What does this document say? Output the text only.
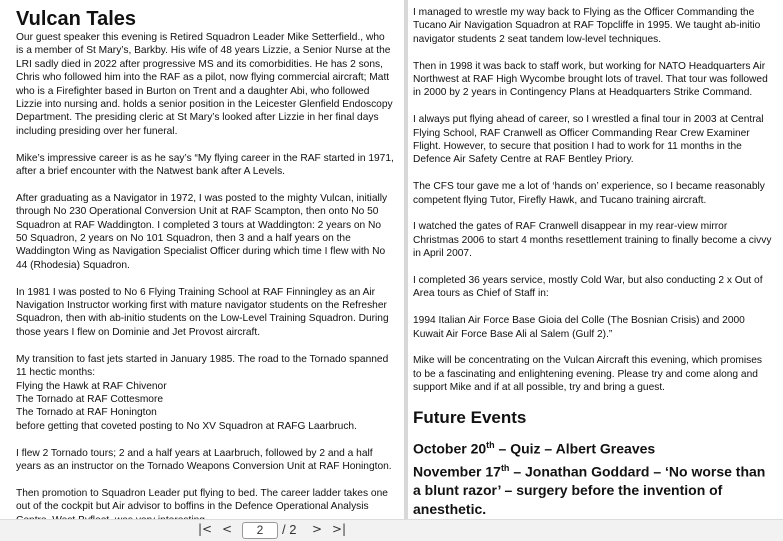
Vulcan Tales

Our guest speaker this evening is Retired Squadron Leader Mike Setterfield., who is a member of St Mary’s, Barkby. His wife of 48 years Lizzie, a Senior Nurse at the LRI sadly died in 2022 after progressive MS and its comorbidities. He has 2 sons, Chris who followed him into the RAF as a pilot, now flying commercial aircraft; Matt who is a Firefighter based in Burton on Trent and a daughter Abi, who followed Lizzie into nursing and. holds a senior position in the Leicester Glenfield Endoscopy Department. The presiding cleric at St Mary’s looked after Lizzie in her final days including presiding over her funeral.

Mike’s impressive career is as he say’s “My flying career in the RAF started in 1971, after a brief encounter with the Natwest bank after A Levels.

After graduating as a Navigator in 1972, I was posted to the mighty Vulcan, initially through No 230 Operational Conversion Unit at RAF Scampton, then onto No 50 Squadron at RAF Waddington. I completed 3 tours at Waddington: 2 years on No 50 Squadron, 2 years on No 101 Squadron, then 3 and a half years on the Waddington Wing as Navigation Specialist Officer during which time I flew with No 44 (Rhodesia) Squadron.

In 1981 I was posted to No 6 Flying Training School at RAF Finningley as an Air Navigation Instructor working first with mature navigator students on the Refresher Squadron, then with ab-initio students on the Low-Level Training Squadron. During those years I flew on Dominie and Jet Provost aircraft.

My transition to fast jets started in January 1985. The road to the Tornado spanned 11 hectic months:
Flying the Hawk at RAF Chivenor
The Tornado at RAF Cottesmore
The Tornado at RAF Honington
before getting that coveted posting to No XV Squadron at RAFG Laarbruch.

I flew 2 Tornado tours; 2 and a half years at Laarbruch, followed by 2 and a half years as an instructor on the Tornado Weapons Conversion Unit at RAF Honington.

Then promotion to Squadron Leader put flying to bed. The career ladder takes one out of the cockpit but Air advisor to boffins in the Defence Operational Analysis

I managed to wrestle my way back to Flying as the Officer Commanding the Tucano Air Navigation Squadron at RAF Topcliffe in 1995. We taught ab-initio navigator students 2 seat tandem low-level techniques.

Then in 1998 it was back to staff work, but working for NATO Headquarters Air Northwest at RAF High Wycombe brought lots of travel. That tour was followed in 2000 by 2 years in Contingency Plans at Headquarters Strike Command.

I always put flying ahead of career, so I wrestled a final tour in 2003 at Central Flying School, RAF Cranwell as Officer Commanding Rear Crew Examiner Flight. However, to secure that position I had to work for 11 months in the Defence Air Safety Centre at RAF Bentley Priory.

The CFS tour gave me a lot of ‘hands on’ experience, so I became reasonably competent flying Tutor, Firefly Hawk, and Tucano training aircraft.

I watched the gates of RAF Cranwell disappear in my rear-view mirror Christmas 2006 to start 4 months resettlement training to finally become a civvy in April 2007.

I completed 36 years service, mostly Cold War, but also conducting 2 x Out of Area tours as Chief of Staff in:

1994 Italian Air Force Base Gioia del Colle (The Bosnian Crisis) and 2000 Kuwait Air Force Base Ali al Salem (Gulf 2).”

Mike will be concentrating on the Vulcan Aircraft this evening, which promises to be a fascinating and enlightening evening. Please try and come along and support Mike and if at all possible, try and bring a guest.

Future Events

October 20th – Quiz – Albert Greaves

November 17th – Jonathan Goddard – ‘No worse than a blunt razor’ – surgery before the invention of anesthetic.

|< <	2	/ 2 > >|
